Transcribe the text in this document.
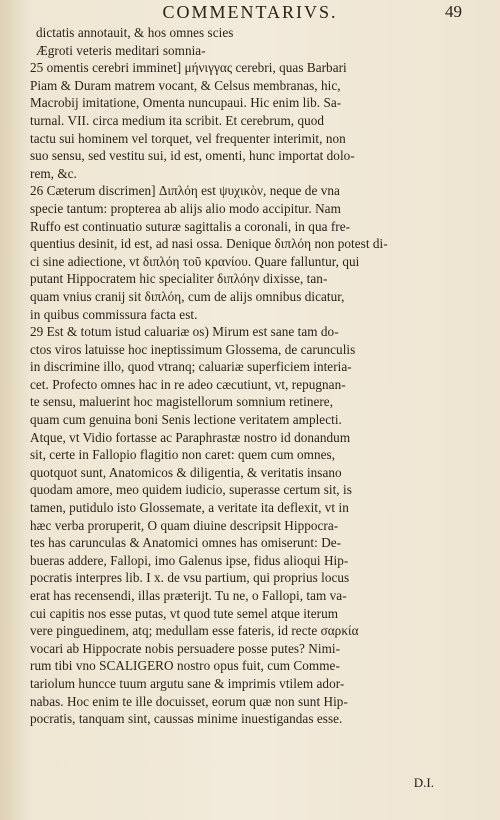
COMMENTARIVS.	49
dictatis annotauit, & hos omnes scies
Ægroti veteris meditari somnia-
25 omentis cerebri imminet] μήνιγγας cerebri, quas Barbari
Piam & Duram matrem vocant, & Celsus membranas, hic,
Macrobij imitatione, Omenta nuncupaui. Hic enim lib. Sa-
turnal. VII. circa medium ita scribit. Et cerebrum, quod
tactu sui hominem vel torquet, vel frequenter interimit, non
suo sensu, sed vestitu sui, id est, omenti, hunc importat dolo-
rem, &c.
26 Cæterum discrimen] Διπλόη est ψυχικὸν, neque de vna
specie tantum: propterea ab alijs alio modo accipitur. Nam
Ruffo est continuatio suturæ sagittalis a coronali, in qua fre-
quentius desinit, id est, ad nasi ossa. Denique διπλόη non potest di-
ci sine adiectione, vt διπλόη τοῦ κρανίου. Quare falluntur, qui
putant Hippocratem hic specialiter διπλόην dixisse, tan-
quam vnius cranij sit διπλόη, cum de alijs omnibus dicatur,
in quibus commissura facta est.
29 Est & totum istud caluariæ os) Mirum est sane tam do-
ctos viros latuisse hoc ineptissimum Glossema, de carunculis
in discrimine illo, quod vtranq; caluariæ superficiem interia-
cet. Profecto omnes hac in re adeo cæcutiunt, vt, repugnan-
te sensu, maluerint hoc magistellorum somnium retinere,
quam cum genuina boni Senis lectione veritatem amplecti.
Atque, vt Vidio fortasse ac Paraphrastæ nostro id donandum
sit, certe in Fallopio flagitio non caret: quem cum omnes,
quotquot sunt, Anatomicos & diligentia, & veritatis insano
quodam amore, meo quidem iudicio, superasse certum sit, is
tamen, putidulo isto Glossemate, a veritate ita deflexit, vt in
hæc verba proruperit, O quam diuine descripsit Hippocra-
tes has carunculas & Anatomici omnes has omiserunt: De-
bueras addere, Fallopi, imo Galenus ipse, fidus alioqui Hip-
pocratis interpres lib. I x. de vsu partium, qui proprius locus
erat has recensendi, illas præterijt. Tu ne, o Fallopi, tam va-
cui capitis nos esse putas, vt quod tute semel atque iterum
vere pinguedinem, atq; medullam esse fateris, id recte σαρκία
vocari ab Hippocrate nobis persuadere posse putes? Nimi-
rum tibi vno SCALIGERO nostro opus fuit, cum Comme-
tariolum huncce tuum argutu sane & imprimis vtilem ador-
nabas. Hoc enim te ille docuisset, eorum quæ non sunt Hip-
pocratis, tanquam sint, caussas minime inuestigandas esse.
D.I.
